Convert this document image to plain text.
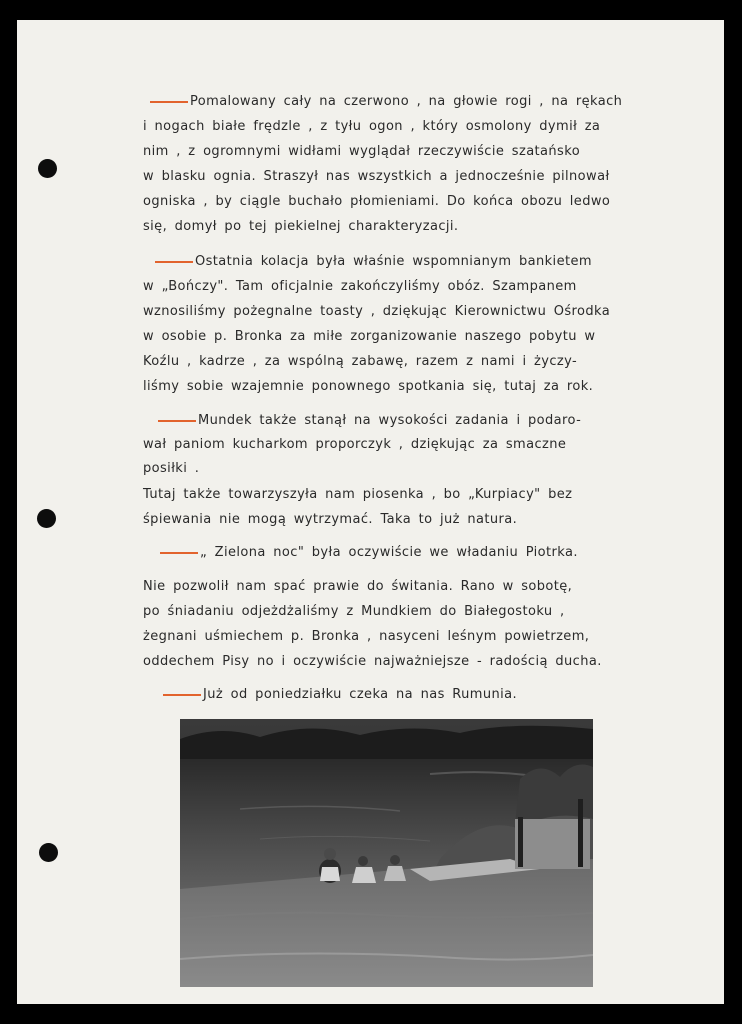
Pomalowany cały na czerwono , na głowie rogi , na rękach
i nogach białe frędzle , z tyłu ogon , który osmolony dymił za
nim , z ogromnymi widłami wyglądał rzeczywiście szatańsko
w blasku ognia. Straszył nas wszystkich a jednocześnie pilnował
ogniska , by ciągle buchało płomieniami. Do końca obozu ledwo
się, domył po tej piekielnej charakteryzacji.
Ostatnia kolacja była właśnie wspomnianym bankietem
w „Bończy". Tam oficjalnie zakończyliśmy obóz. Szampanem
wznosiliśmy pożegnalne toasty , dziękując Kierownictwu Ośrodka
w osobie p. Bronka za miłe zorganizowanie naszego pobytu w
Koźlu , kadrze , za wspólną zabawę, razem z nami i życzy-
liśmy sobie wzajemnie ponownego spotkania się, tutaj za rok.
Mundek także stanął na wysokości zadania i podaro-
wał paniom kucharkom proporczyk , dziękując za smaczne
posiłki .
Tutaj także towarzyszyła nam piosenka , bo „Kurpiacy" bez
śpiewania nie mogą wytrzymać. Taka to już natura.
„ Zielona noc" była oczywiście we władaniu Piotrka.
Nie pozwolił nam spać prawie do świtania. Rano w sobotę,
po śniadaniu odjeżdżaliśmy z Mundkiem do Białegostoku ,
żegnani uśmiechem p. Bronka , nasyceni leśnym powietrzem,
oddechem Pisy no i oczywiście najważniejsze - radością ducha.
Już od poniedziałku czeka na nas Rumunia.
